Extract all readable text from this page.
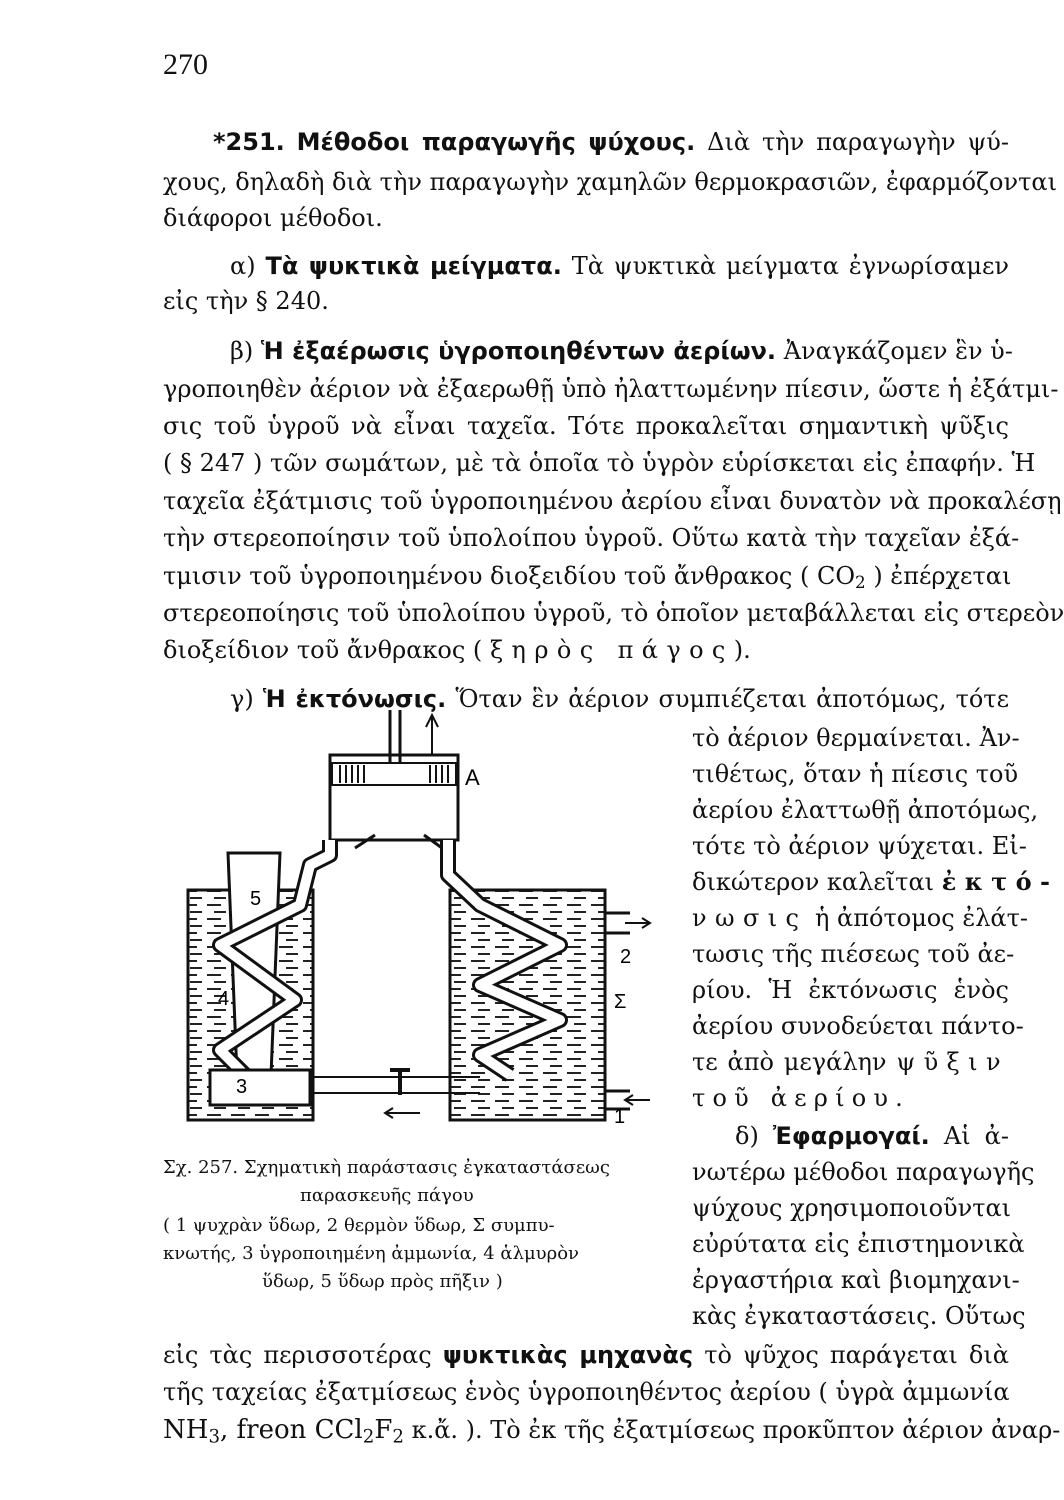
270
*251. Μέθοδοι παραγωγῆς ψύχους. Διὰ τὴν παραγωγὴν ψύ-
χους, δηλαδὴ διὰ τὴν παραγωγὴν χαμηλῶν θερμοκρασιῶν, ἐφαρμόζονται
διάφοροι μέθοδοι.
α) Τὰ ψυκτικὰ μείγματα. Τὰ ψυκτικὰ μείγματα ἐγνωρίσαμεν
εἰς τὴν § 240.
β) Ἡ ἐξαέρωσις ὑγροποιηθέντων ἀερίων. Ἀναγκάζομεν ἓν ὑ-
γροποιηθὲν ἀέριον νὰ ἐξαερωθῇ ὑπὸ ἠλαττωμένην πίεσιν, ὥστε ἡ ἐξάτμι-
σις τοῦ ὑγροῦ νὰ εἶναι ταχεῖα. Τότε προκαλεῖται σημαντικὴ ψῦξις
( § 247 ) τῶν σωμάτων, μὲ τὰ ὁποῖα τὸ ὑγρὸν εὑρίσκεται εἰς ἐπαφήν. Ἡ
ταχεῖα ἐξάτμισις τοῦ ὑγροποιημένου ἀερίου εἶναι δυνατὸν νὰ προκαλέσῃ
τὴν στερεοποίησιν τοῦ ὑπολοίπου ὑγροῦ. Οὕτω κατὰ τὴν ταχεῖαν ἐξά-
τμισιν τοῦ ὑγροποιημένου διοξειδίου τοῦ ἄνθρακος ( $CO_2$ ) ἐπέρχεται
στερεοποίησις τοῦ ὑπολοίπου ὑγροῦ, τὸ ὁποῖον μεταβάλλεται εἰς στερεὸν
διοξείδιον τοῦ ἄνθρακος ( ξηρὸς πάγος).
γ) Ἡ ἐκτόνωσις. Ὅταν ἓν ἀέριον συμπιέζεται ἀποτόμως, τότε
τὸ ἀέριον θερμαίνεται. Ἀν-
τιθέτως, ὅταν ἡ πίεσις τοῦ
ἀερίου ἐλαττωθῇ ἀποτόμως,
τότε τὸ ἀέριον ψύχεται. Εἰ-
δικώτερον καλεῖται ἐκτό-
νωσις ἡ ἀπότομος ἐλάτ-
τωσις τῆς πιέσεως τοῦ ἀε-
ρίου. Ἡ ἐκτόνωσις ἑνὸς
ἀερίου συνοδεύεται πάντο-
τε ἀπὸ μεγάλην ψῦξιν
τοῦ ἀερίου.
δ) Ἐφαρμογαί. Αἱ ἀ-
νωτέρω μέθοδοι παραγωγῆς
ψύχους χρησιμοποιοῦνται
εὐρύτατα εἰς ἐπιστημονικὰ
ἐργαστήρια καὶ βιομηχανι-
κὰς ἐγκαταστάσεις. Οὕτως
εἰς τὰς περισσοτέρας ψυκτικὰς μηχανὰς τὸ ψῦχος παράγεται διὰ
τῆς ταχείας ἐξατμίσεως ἑνὸς ὑγροποιηθέντος ἀερίου ( ὑγρὰ ἀμμωνία
$NH_3$, freon $CCl_2F_2$ κ.ἄ. ). Τὸ ἐκ τῆς ἐξατμίσεως προκῦπτον ἀέριον ἀναρ-
A
5
4
3
2
Σ
1
Σχ. 257. Σχηματικὴ παράστασις ἐγκαταστάσεως
παρασκευῆς πάγου
( 1 ψυχρὰν ὕδωρ, 2 θερμὸν ὕδωρ, Σ συμπυ-
κνωτής, 3 ὑγροποιημένη ἀμμωνία, 4 ἁλμυρὸν
ὕδωρ, 5 ὕδωρ πρὸς πῆξιν )
